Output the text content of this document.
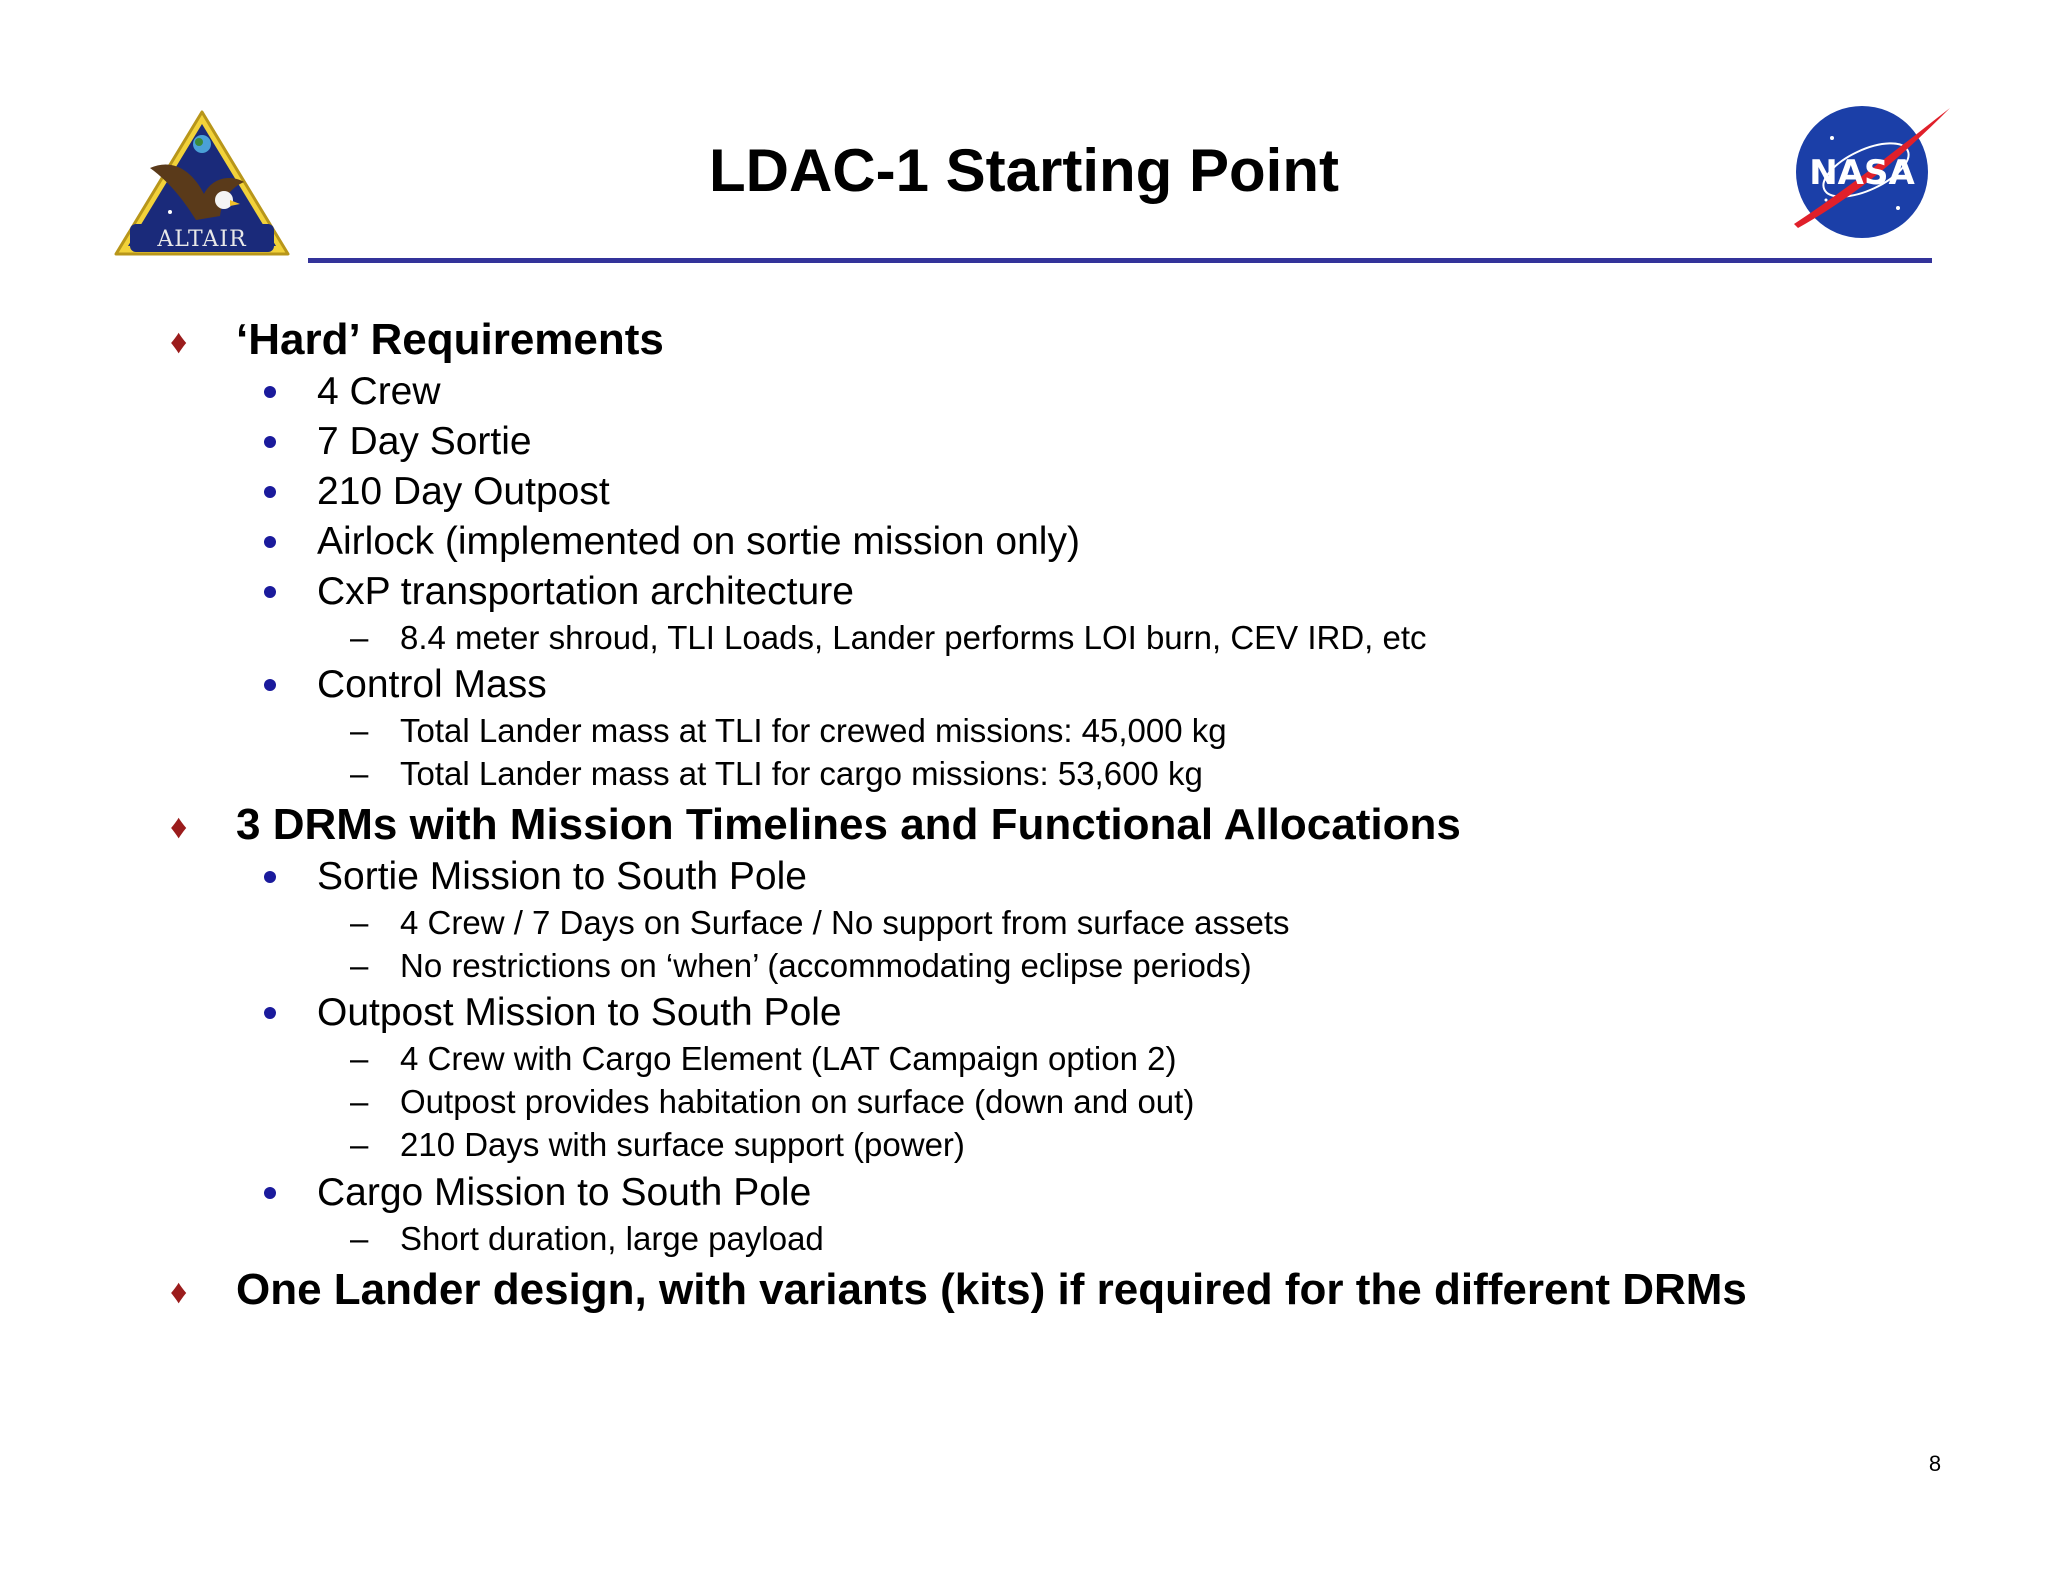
ALTAIR
LDAC-1 Starting Point	NASA
♦ ‘Hard’ Requirements
4 Crew
7 Day Sortie
210 Day Outpost
Airlock (implemented on sortie mission only)
CxP transportation architecture
– 8.4 meter shroud, TLI Loads, Lander performs LOI burn, CEV IRD, etc
Control Mass
– Total Lander mass at TLI for crewed missions: 45,000 kg
– Total Lander mass at TLI for cargo missions: 53,600 kg
♦ 3 DRMs with Mission Timelines and Functional Allocations
Sortie Mission to South Pole
– 4 Crew / 7 Days on Surface / No support from surface assets
– No restrictions on ‘when’ (accommodating eclipse periods)
Outpost Mission to South Pole
– 4 Crew with Cargo Element (LAT Campaign option 2)
– Outpost provides habitation on surface (down and out)
– 210 Days with surface support (power)
Cargo Mission to South Pole
– Short duration, large payload
♦ One Lander design, with variants (kits) if required for the different DRMs
8
